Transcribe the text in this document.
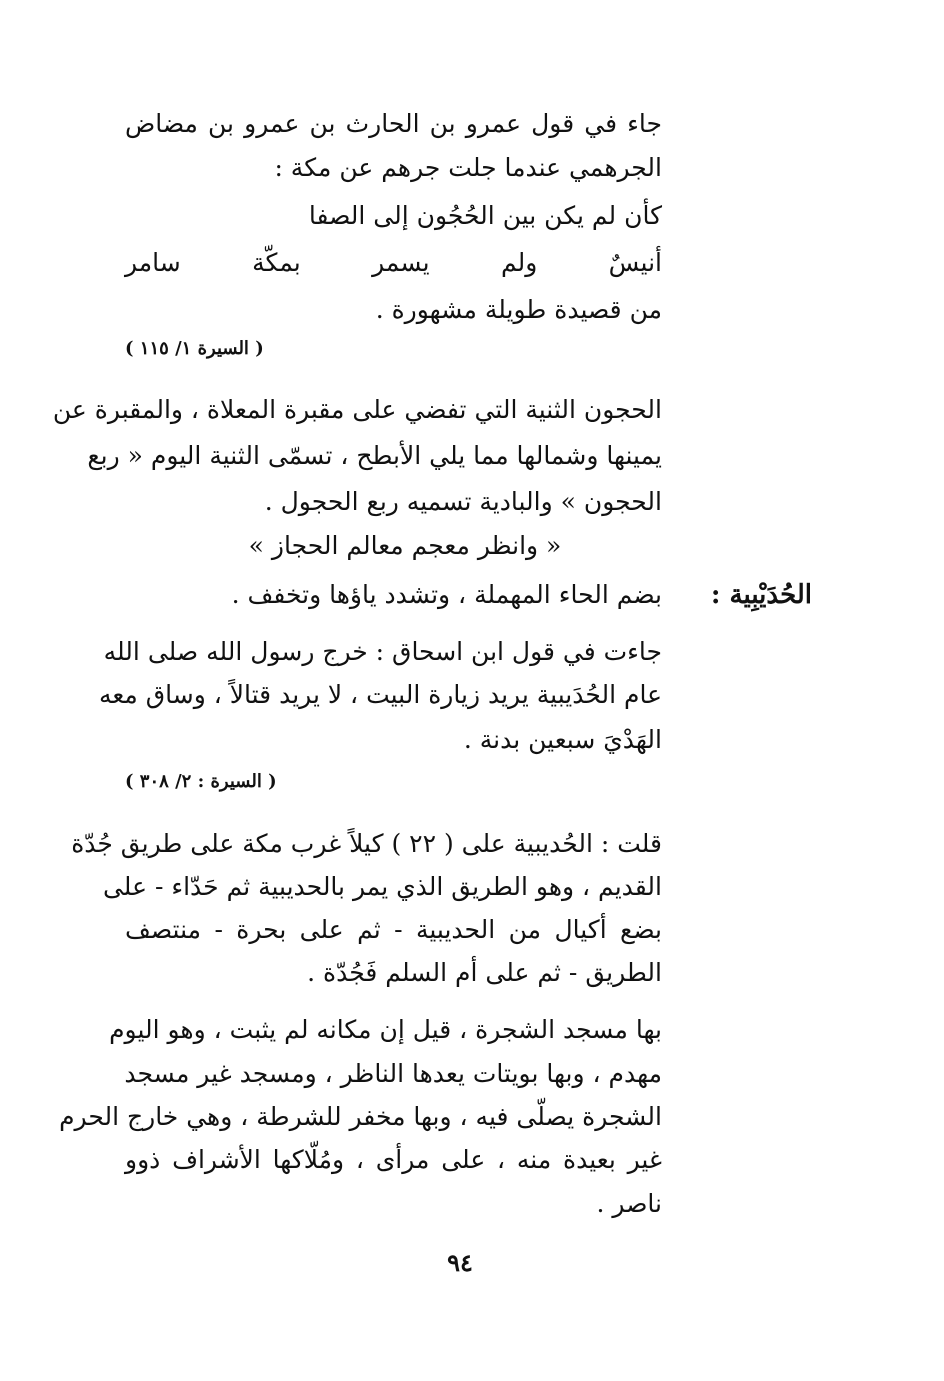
جاء في قول عمرو بن الحارث بن عمرو بن مضاض
الجرهمي عندما جلت جرهم عن مكة :
كأن لم يكن بين الحُجُون إلى الصفا
أنيسٌ ولم يسمر بمكّة سامر
من قصيدة طويلة مشهورة .
( السيرة ١/ ١١٥ )
الحجون الثنية التي تفضي على مقبرة المعلاة ، والمقبرة عن
يمينها وشمالها مما يلي الأبطح ، تسمّى الثنية اليوم « ربع
الحجون » والبادية تسميه ربع الحجول .
« وانظر معجم معالم الحجاز »
الحُدَيْبِية :
بضم الحاء المهملة ، وتشدد ياؤها وتخفف .
جاءت في قول ابن اسحاق : خرج رسول الله صلى الله
عام الحُدَيبية يريد زيارة البيت ، لا يريد قتالاً ، وساق معه
الهَدْيَ سبعين بدنة .
( السيرة : ٢/ ٣٠٨ )
قلت : الحُديبية على ( ٢٢ ) كيلاً غرب مكة على طريق جُدّة
القديم ، وهو الطريق الذي يمر بالحديبية ثم حَدّاء - على
بضع أكيال من الحديبية - ثم على بحرة - منتصف
الطريق - ثم على أم السلم فَجُدّة .
بها مسجد الشجرة ، قيل إن مكانه لم يثبت ، وهو اليوم
مهدم ، وبها بويتات يعدها الناظر ، ومسجد غير مسجد
الشجرة يصلّى فيه ، وبها مخفر للشرطة ، وهي خارج الحرم
غير بعيدة منه ، على مرأى ، ومُلّاكها الأشراف ذوو
ناصر .
٩٤
